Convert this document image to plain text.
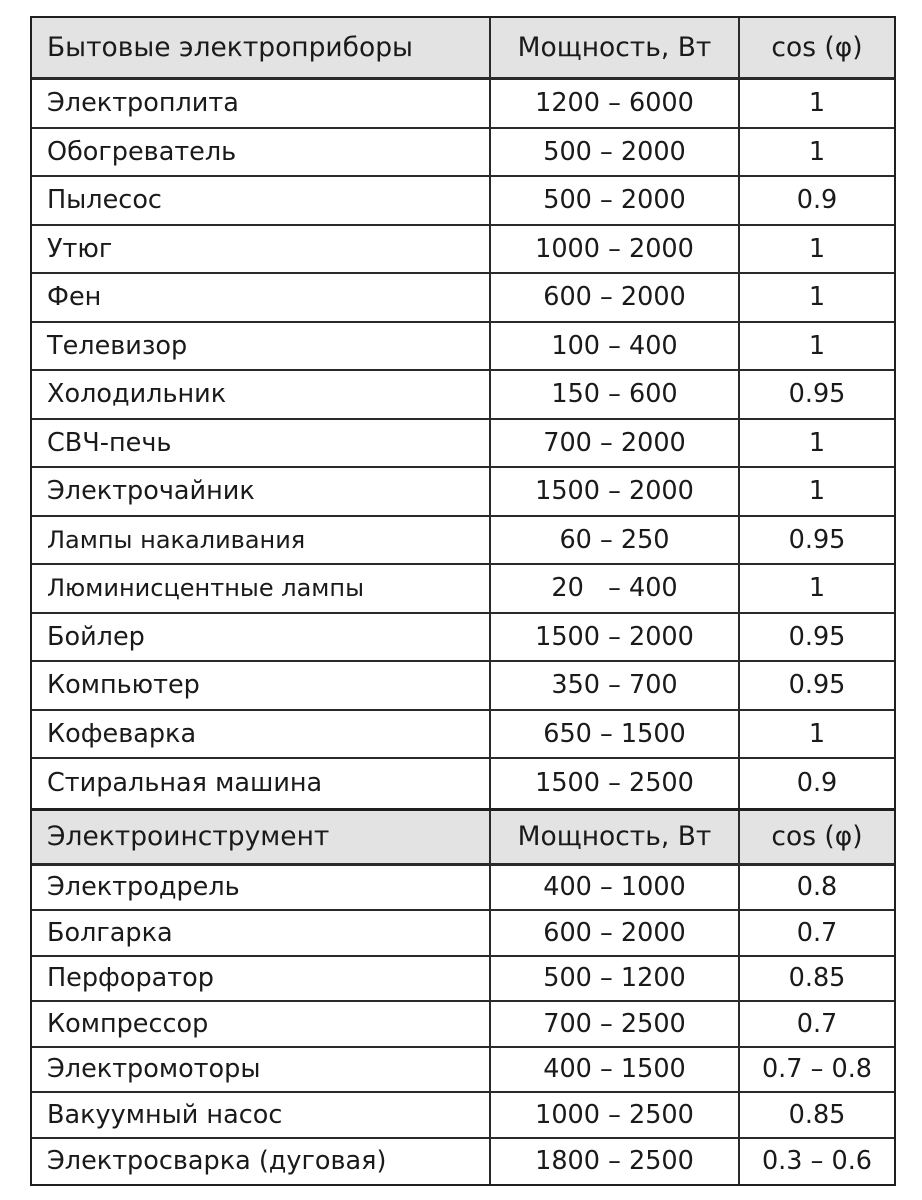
Бытовые электроприборы	Мощность, Вт	cos (φ)
Электроплита	1200 – 6000	1
Обогреватель	500 – 2000	1
Пылесос	500 – 2000	0.9
Утюг	1000 – 2000	1
Фен	600 – 2000	1
Телевизор	100 – 400	1
Холодильник	150 – 600	0.95
СВЧ-печь	700 – 2000	1
Электрочайник	1500 – 2000	1
Лампы накаливания	60 – 250	0.95
Люминисцентные лампы	20   – 400	1
Бойлер	1500 – 2000	0.95
Компьютер	350 – 700	0.95
Кофеварка	650 – 1500	1
Стиральная машина	1500 – 2500	0.9
Электроинструмент	Мощность, Вт	cos (φ)
Электродрель	400 – 1000	0.8
Болгарка	600 – 2000	0.7
Перфоратор	500 – 1200	0.85
Компрессор	700 – 2500	0.7
Электромоторы	400 – 1500	0.7 – 0.8
Вакуумный насос	1000 – 2500	0.85
Электросварка (дуговая)	1800 – 2500	0.3 – 0.6
